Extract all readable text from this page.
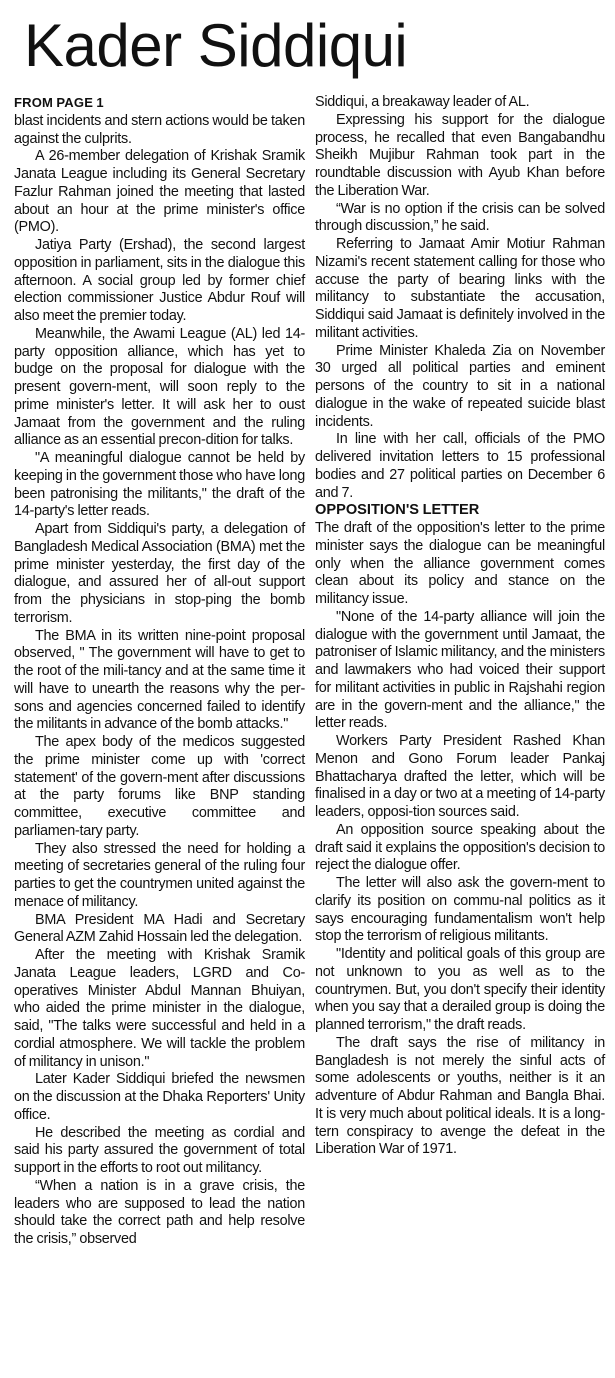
Kader Siddiqui
FROM PAGE 1

blast incidents and stern actions would be taken against the culprits.

A 26-member delegation of Krishak Sramik Janata League including its General Secretary Fazlur Rahman joined the meeting that lasted about an hour at the prime minister's office (PMO).

Jatiya Party (Ershad), the second largest opposition in parliament, sits in the dialogue this afternoon. A social group led by former chief election commissioner Justice Abdur Rouf will also meet the premier today.

Meanwhile, the Awami League (AL) led 14-party opposition alliance, which has yet to budge on the proposal for dialogue with the present govern-ment, will soon reply to the prime minister's letter. It will ask her to oust Jamaat from the government and the ruling alliance as an essential precon-dition for talks.

"A meaningful dialogue cannot be held by keeping in the government those who have long been patronising the militants," the draft of the 14-party's letter reads.

Apart from Siddiqui's party, a delegation of Bangladesh Medical Association (BMA) met the prime minister yesterday, the first day of the dialogue, and assured her of all-out support from the physicians in stop-ping the bomb terrorism.

The BMA in its written nine-point proposal observed, " The government will have to get to the root of the mili-tancy and at the same time it will have to unearth the reasons why the per-sons and agencies concerned failed to identify the militants in advance of the bomb attacks."

The apex body of the medicos suggested the prime minister come up with 'correct statement' of the govern-ment after discussions at the party forums like BNP standing committee, executive committee and parliamen-tary party.

They also stressed the need for holding a meeting of secretaries general of the ruling four parties to get the countrymen united against the menace of militancy.

BMA President MA Hadi and Secretary General AZM Zahid Hossain led the delegation.

After the meeting with Krishak Sramik Janata League leaders, LGRD and Co-operatives Minister Abdul Mannan Bhuiyan, who aided the prime minister in the dialogue, said, "The talks were successful and held in a cordial atmosphere. We will tackle the problem of militancy in unison."

Later Kader Siddiqui briefed the newsmen on the discussion at the Dhaka Reporters' Unity office.

He described the meeting as cordial and said his party assured the government of total support in the efforts to root out militancy.

“When a nation is in a grave crisis, the leaders who are supposed to lead the nation should take the correct path and help resolve the crisis,” observed

Siddiqui, a breakaway leader of AL.

Expressing his support for the dialogue process, he recalled that even Bangabandhu Sheikh Mujibur Rahman took part in the roundtable discussion with Ayub Khan before the Liberation War.

“War is no option if the crisis can be solved through discussion,” he said.

Referring to Jamaat Amir Motiur Rahman Nizami's recent statement calling for those who accuse the party of bearing links with the militancy to substantiate the accusation, Siddiqui said Jamaat is definitely involved in the militant activities.

Prime Minister Khaleda Zia on November 30 urged all political parties and eminent persons of the country to sit in a national dialogue in the wake of repeated suicide blast incidents.

In line with her call, officials of the PMO delivered invitation letters to 15 professional bodies and 27 political parties on December 6 and 7.

OPPOSITION'S LETTER

The draft of the opposition's letter to the prime minister says the dialogue can be meaningful only when the alliance government comes clean about its policy and stance on the militancy issue.

"None of the 14-party alliance will join the dialogue with the government until Jamaat, the patroniser of Islamic militancy, and the ministers and lawmakers who had voiced their support for militant activities in public in Rajshahi region are in the govern-ment and the alliance," the letter reads.

Workers Party President Rashed Khan Menon and Gono Forum leader Pankaj Bhattacharya drafted the letter, which will be finalised in a day or two at a meeting of 14-party leaders, opposi-tion sources said.

An opposition source speaking about the draft said it explains the opposition's decision to reject the dialogue offer.

The letter will also ask the govern-ment to clarify its position on commu-nal politics as it says encouraging fundamentalism won't help stop the terrorism of religious militants.

"Identity and political goals of this group are not unknown to you as well as to the countrymen. But, you don't specify their identity when you say that a derailed group is doing the planned terrorism," the draft reads.

The draft says the rise of militancy in Bangladesh is not merely the sinful acts of some adolescents or youths, neither is it an adventure of Abdur Rahman and Bangla Bhai. It is very much about political ideals. It is a long-tern conspiracy to avenge the defeat in the Liberation War of 1971.
